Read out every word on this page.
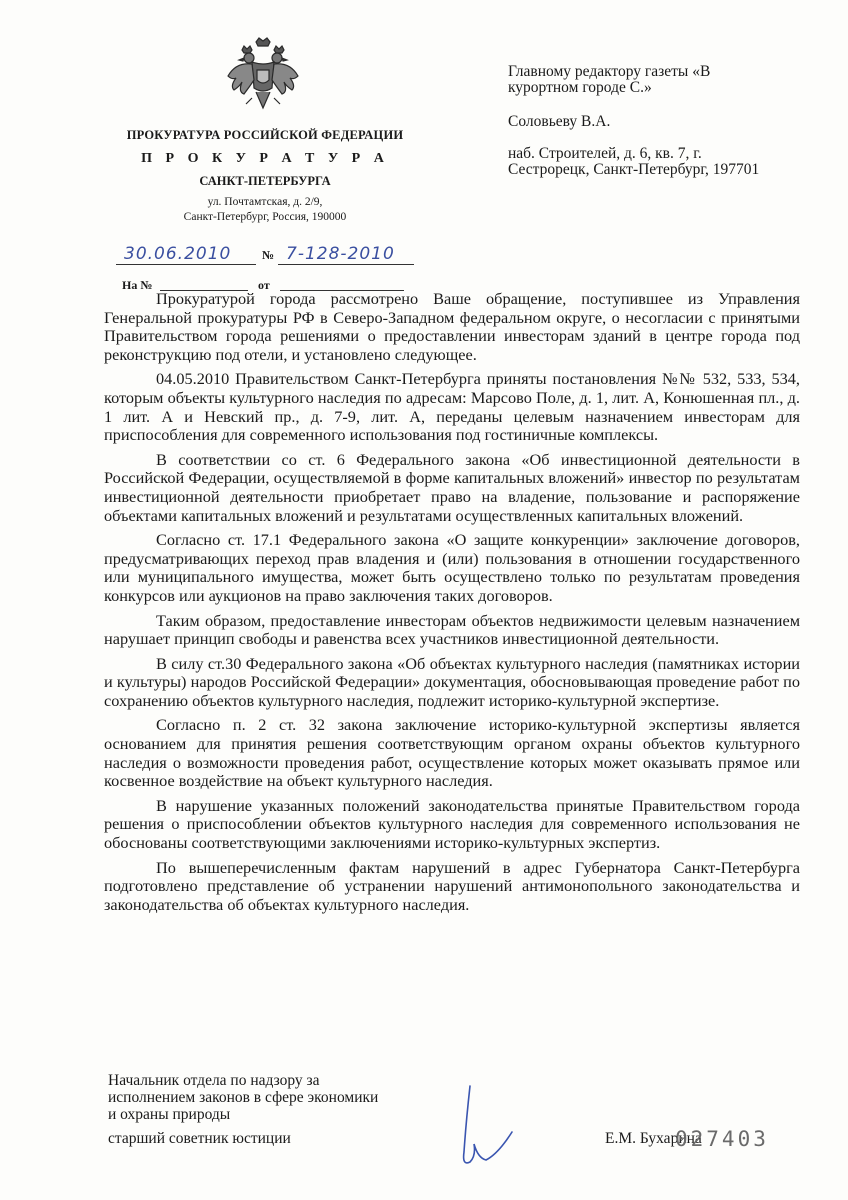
ПРОКУРАТУРА РОССИЙСКОЙ ФЕДЕРАЦИИ
П Р О К У Р А Т У Р А
САНКТ-ПЕТЕРБУРГА
ул. Почтамтская, д. 2/9,
Санкт-Петербург, Россия, 190000
30.06.2010	№ 7-128-2010
На №	от
Главному редактору газеты «В курортном городе С.»
Соловьеву В.А.
наб. Строителей, д. 6, кв. 7, г. Сестрорецк, Санкт-Петербург, 197701

Прокуратурой города рассмотрено Ваше обращение, поступившее из Управления Генеральной прокуратуры РФ в Северо-Западном федеральном округе, о несогласии с принятыми Правительством города решениями о предоставлении инвесторам зданий в центре города под реконструкцию под отели, и установлено следующее.

04.05.2010 Правительством Санкт-Петербурга приняты постановления №№ 532, 533, 534, которым объекты культурного наследия по адресам: Марсово Поле, д. 1, лит. А, Конюшенная пл., д. 1 лит. А и Невский пр., д. 7-9, лит. А, переданы целевым назначением инвесторам для приспособления для современного использования под гостиничные комплексы.

В соответствии со ст. 6 Федерального закона «Об инвестиционной деятельности в Российской Федерации, осуществляемой в форме капитальных вложений» инвестор по результатам инвестиционной деятельности приобретает право на владение, пользование и распоряжение объектами капитальных вложений и результатами осуществленных капитальных вложений.

Согласно ст. 17.1 Федерального закона «О защите конкуренции» заключение договоров, предусматривающих переход прав владения и (или) пользования в отношении государственного или муниципального имущества, может быть осуществлено только по результатам проведения конкурсов или аукционов на право заключения таких договоров.

Таким образом, предоставление инвесторам объектов недвижимости целевым назначением нарушает принцип свободы и равенства всех участников инвестиционной деятельности.

В силу ст.30 Федерального закона «Об объектах культурного наследия (памятниках истории и культуры) народов Российской Федерации» документация, обосновывающая проведение работ по сохранению объектов культурного наследия, подлежит историко-культурной экспертизе.

Согласно п. 2 ст. 32 закона заключение историко-культурной экспертизы является основанием для принятия решения соответствующим органом охраны объектов культурного наследия о возможности проведения работ, осуществление которых может оказывать прямое или косвенное воздействие на объект культурного наследия.

В нарушение указанных положений законодательства принятые Правительством города решения о приспособлении объектов культурного наследия для современного использования не обоснованы соответствующими заключениями историко-культурных экспертиз.

По вышеперечисленным фактам нарушений в адрес Губернатора Санкт-Петербурга подготовлено представление об устранении нарушений антимонопольного законодательства и законодательства об объектах культурного наследия.

Начальник отдела по надзору за исполнением законов в сфере экономики и охраны природы
старший советник юстиции	Е.М. Бухарина
027403
